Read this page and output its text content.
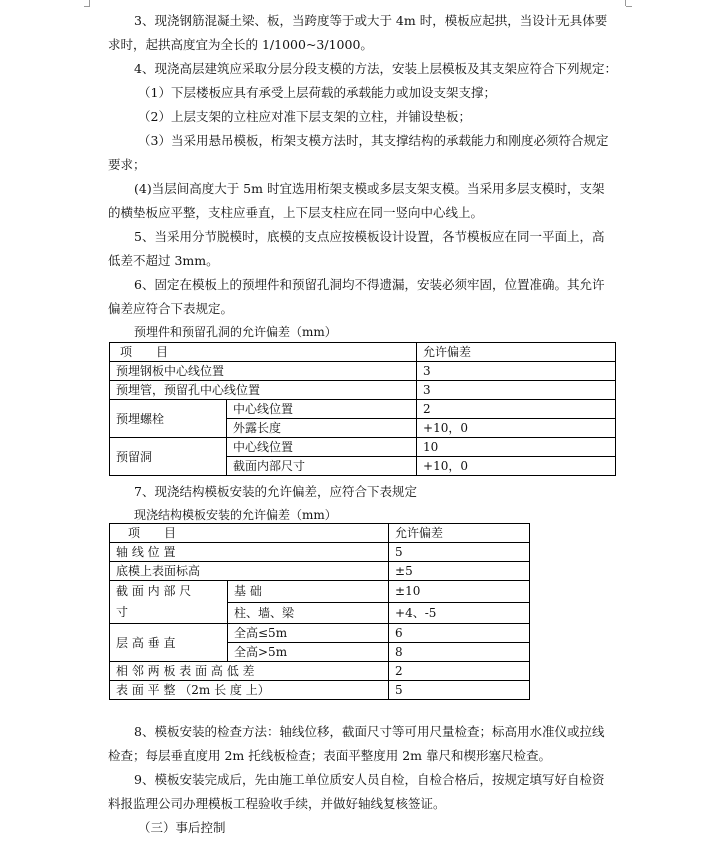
3、现浇钢筋混凝土梁、板，当跨度等于或大于 4m 时，模板应起拱，当设计无具体要
求时，起拱高度宜为全长的 1/1000~3/1000。
4、现浇高层建筑应采取分层分段支模的方法，安装上层模板及其支架应符合下列规定：
（1）下层楼板应具有承受上层荷载的承载能力或加设支架支撑；
（2）上层支架的立柱应对准下层支架的立柱，并铺设垫板；
（3）当采用悬吊模板，桁架支模方法时，其支撑结构的承载能力和刚度必须符合规定
要求；
(4)当层间高度大于 5m 时宜选用桁架支模或多层支架支模。当采用多层支模时，支架
的横垫板应平整，支柱应垂直，上下层支柱应在同一竖向中心线上。
5、当采用分节脱模时，底模的支点应按模板设计设置，各节模板应在同一平面上，高
低差不超过 3mm。
6、固定在模板上的预埋件和预留孔洞均不得遗漏，安装必须牢固，位置准确。其允许
偏差应符合下表规定。
预埋件和预留孔洞的允许偏差（mm）
项　　目		允许偏差
预埋钢板中心线位置		3
预埋管，预留孔中心线位置		3
预埋螺栓	中心线位置	2
	外露长度	+10，0
预留洞	中心线位置	10
	截面内部尺寸	+10，0
7、现浇结构模板安装的允许偏差，应符合下表规定
现浇结构模板安装的允许偏差（mm）
项　　目		允许偏差
轴 线 位 置		5
底模上表面标高		±5
截 面 内 部 尺
寸	基 础	±10
	柱、墙、梁	+4、-5
层 高 垂 直	全高≤5m	6
	全高>5m	8
相 邻 两 板 表 面 高 低 差		2
表 面 平 整 （2m 长 度 上）		5
8、模板安装的检查方法：轴线位移，截面尺寸等可用尺量检查；标高用水准仪或拉线
检查；每层垂直度用 2m 托线板检查；表面平整度用 2m 靠尺和楔形塞尺检查。
9、模板安装完成后，先由施工单位质安人员自检，自检合格后，按规定填写好自检资
料报监理公司办理模板工程验收手续，并做好轴线复核签证。
（三）事后控制
